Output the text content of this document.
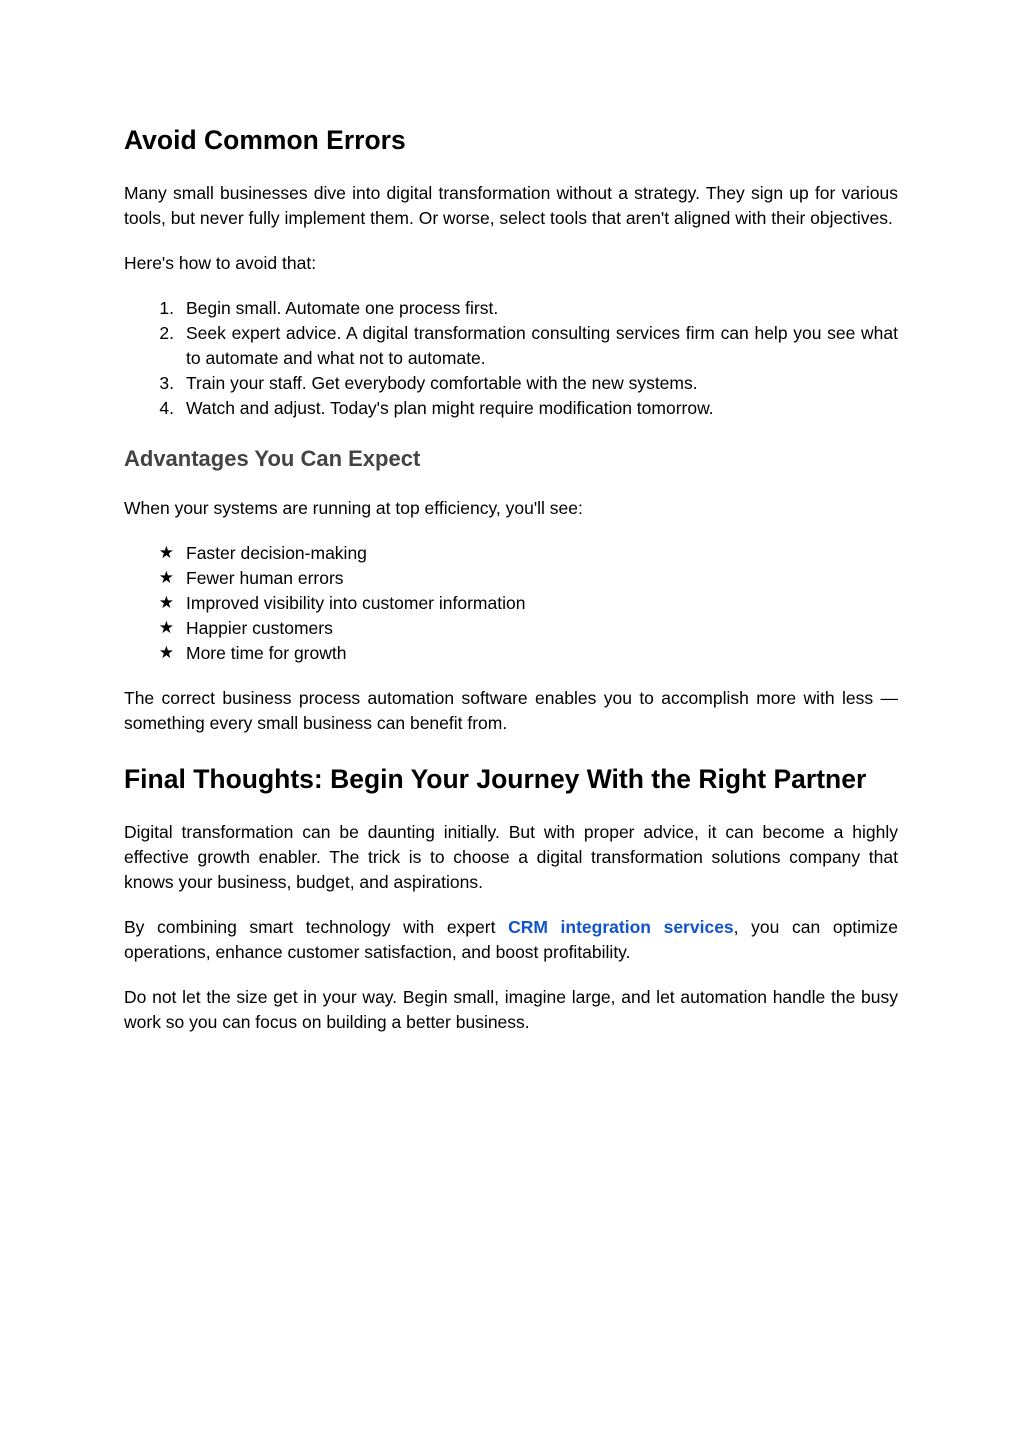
Avoid Common Errors

Many small businesses dive into digital transformation without a strategy. They sign up for various tools, but never fully implement them. Or worse, select tools that aren't aligned with their objectives.

Here's how to avoid that:

1. Begin small. Automate one process first.
2. Seek expert advice. A digital transformation consulting services firm can help you see what to automate and what not to automate.
3. Train your staff. Get everybody comfortable with the new systems.
4. Watch and adjust. Today's plan might require modification tomorrow.
Advantages You Can Expect

When your systems are running at top efficiency, you'll see:

★ Faster decision-making
★ Fewer human errors
★ Improved visibility into customer information
★ Happier customers
★ More time for growth

The correct business process automation software enables you to accomplish more with less — something every small business can benefit from.

Final Thoughts: Begin Your Journey With the Right Partner

Digital transformation can be daunting initially. But with proper advice, it can become a highly effective growth enabler. The trick is to choose a digital transformation solutions company that knows your business, budget, and aspirations.

By combining smart technology with expert CRM integration services, you can optimize operations, enhance customer satisfaction, and boost profitability.

Do not let the size get in your way. Begin small, imagine large, and let automation handle the busy work so you can focus on building a better business.
